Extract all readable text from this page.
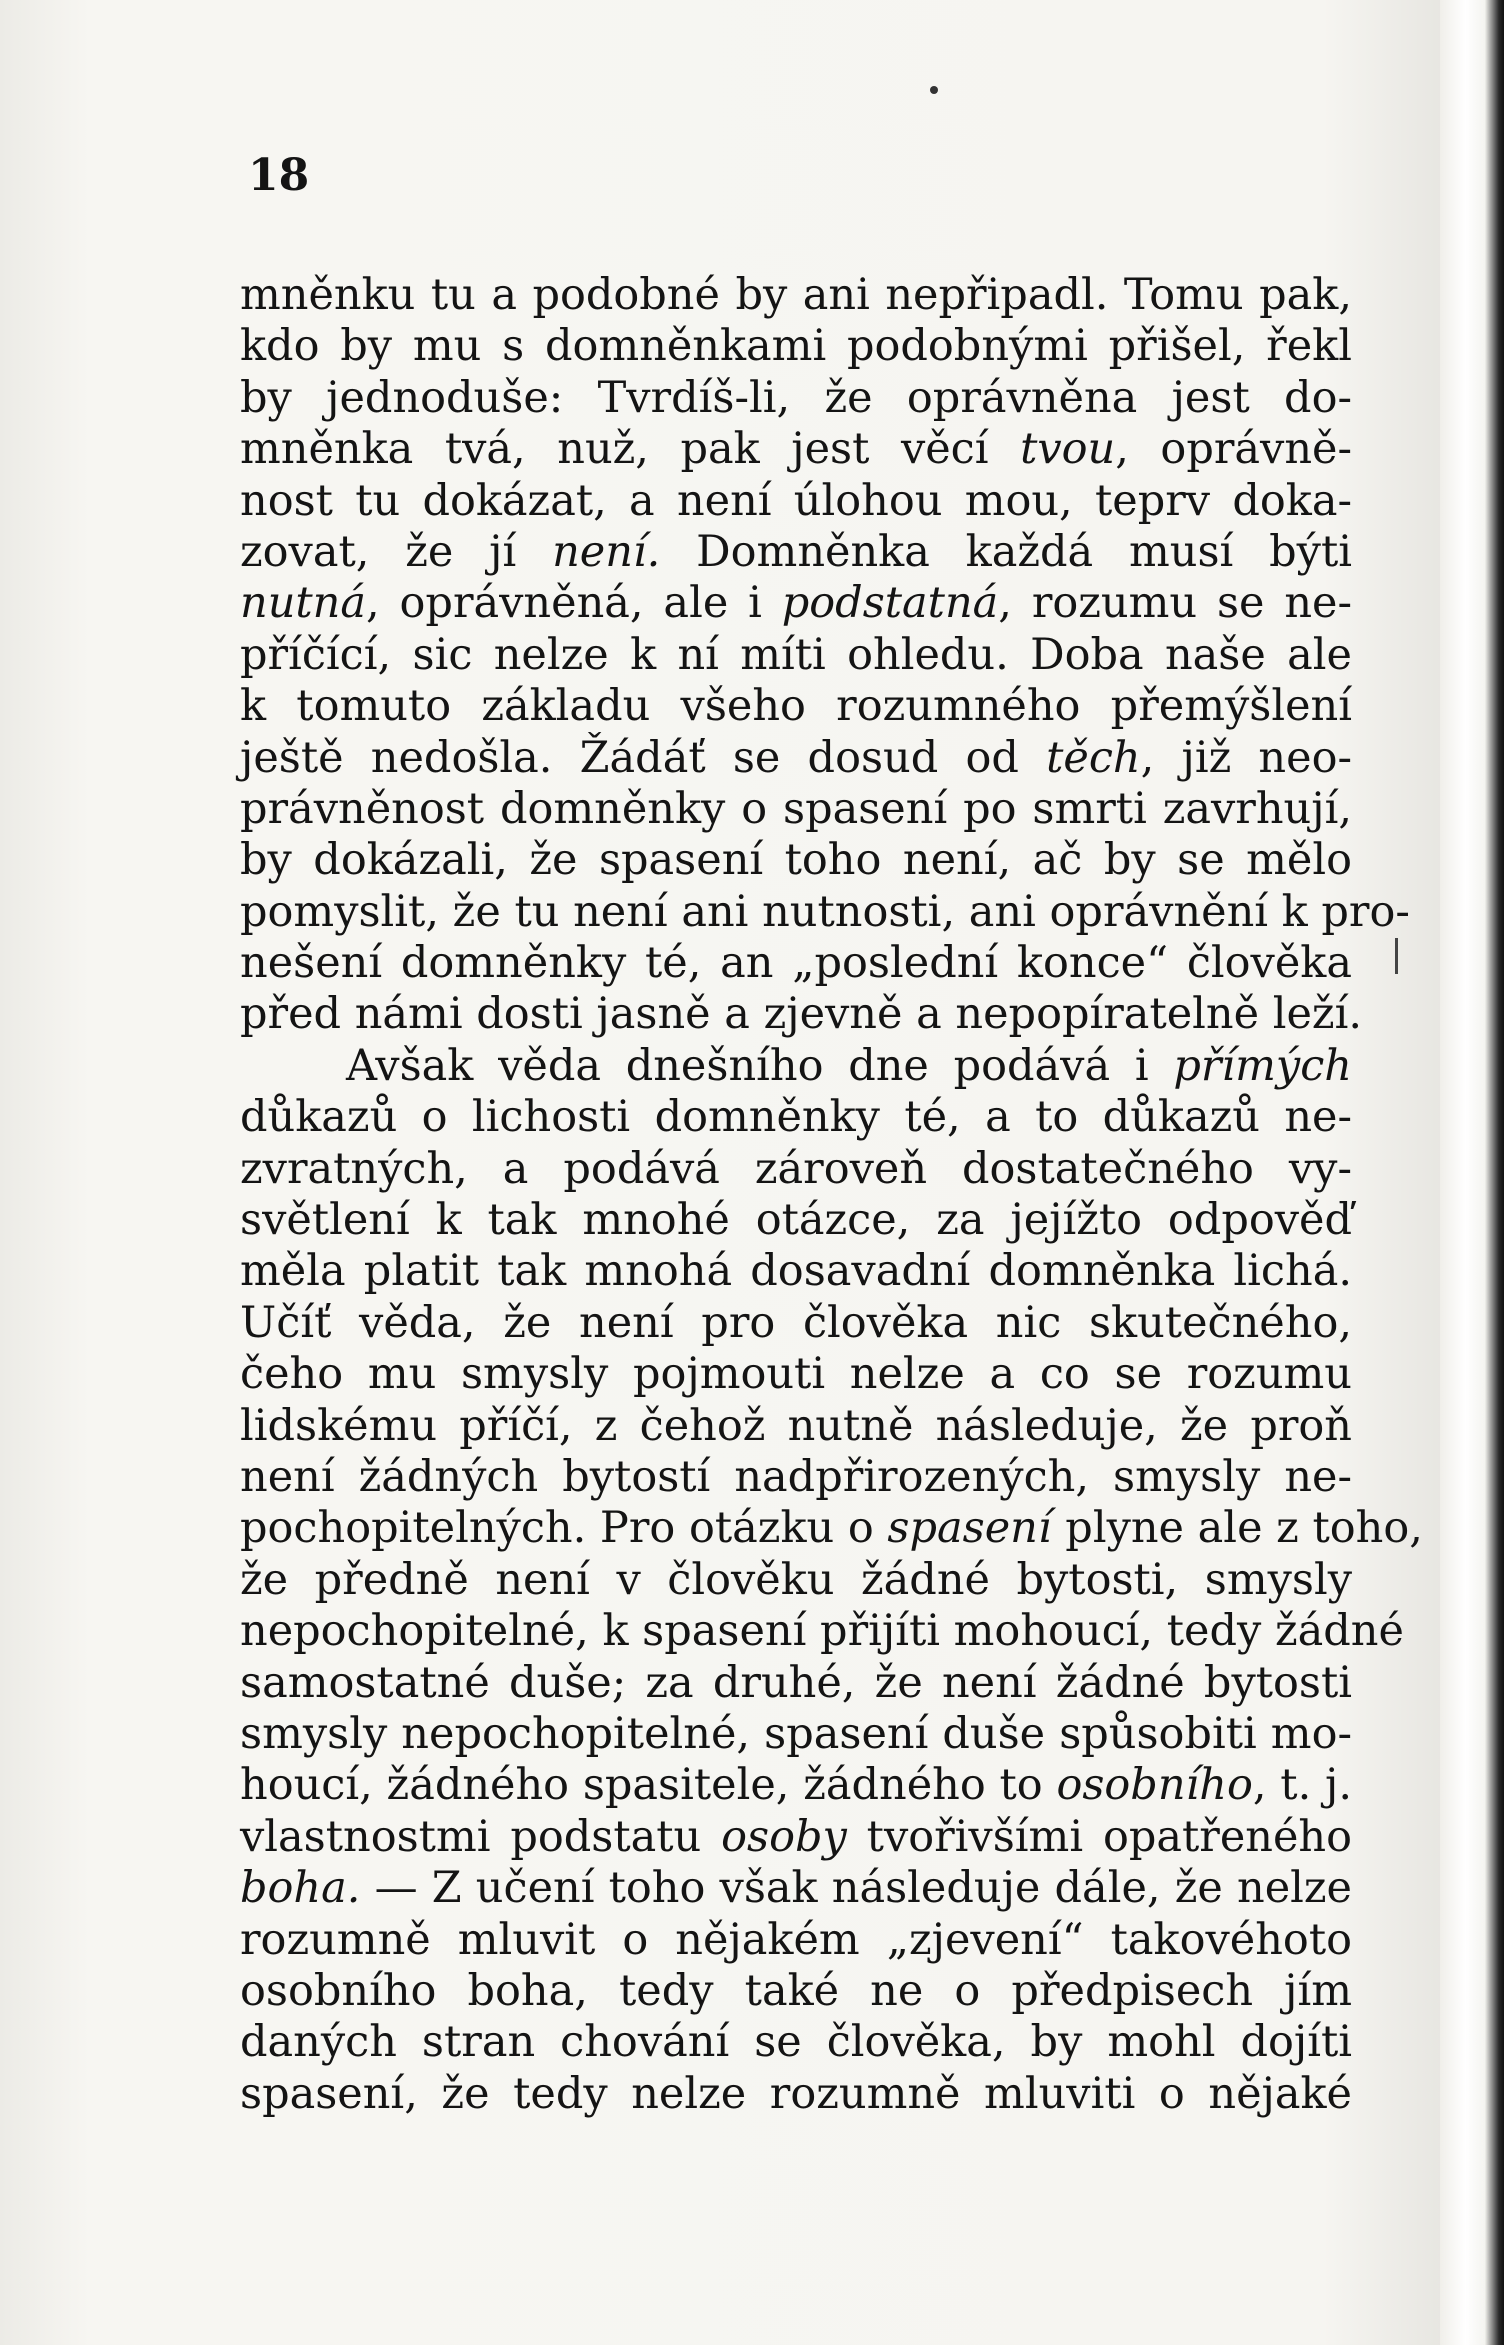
18
mněnku tu a podobné by ani nepřipadl. Tomu pak,
kdo by mu s domněnkami podobnými přišel, řekl
by jednoduše: Tvrdíš-li, že oprávněna jest do-
mněnka tvá, nuž, pak jest věcí tvou, oprávně-
nost tu dokázat, a není úlohou mou, teprv doka-
zovat, že jí není. Domněnka každá musí býti
nutná, oprávněná, ale i podstatná, rozumu se ne-
příčící, sic nelze k ní míti ohledu. Doba naše ale
k tomuto základu všeho rozumného přemýšlení
ještě nedošla. Žádáť se dosud od těch, již neo-
právněnost domněnky o spasení po smrti zavrhují,
by dokázali, že spasení toho není, ač by se mělo
pomyslit, že tu není ani nutnosti, ani oprávnění k pro-
nešení domněnky té, an „poslední konce“ člověka
před námi dosti jasně a zjevně a nepopíratelně leží.
Avšak věda dnešního dne podává i přímých
důkazů o lichosti domněnky té, a to důkazů ne-
zvratných, a podává zároveň dostatečného vy-
světlení k tak mnohé otázce, za jejížto odpověď
měla platit tak mnohá dosavadní domněnka lichá.
Učíť věda, že není pro člověka nic skutečného,
čeho mu smysly pojmouti nelze a co se rozumu
lidskému příčí, z čehož nutně následuje, že proň
není žádných bytostí nadpřirozených, smysly ne-
pochopitelných. Pro otázku o spasení plyne ale z toho,
že předně není v člověku žádné bytosti, smysly
nepochopitelné, k spasení přijíti mohoucí, tedy žádné
samostatné duše; za druhé, že není žádné bytosti
smysly nepochopitelné, spasení duše spůsobiti mo-
houcí, žádného spasitele, žádného to osobního, t. j.
vlastnostmi podstatu osoby tvořivšími opatřeného
boha. — Z učení toho však následuje dále, že nelze
rozumně mluvit o nějakém „zjevení“ takovéhoto
osobního boha, tedy také ne o předpisech jím
daných stran chování se člověka, by mohl dojíti
spasení, že tedy nelze rozumně mluviti o nějaké
